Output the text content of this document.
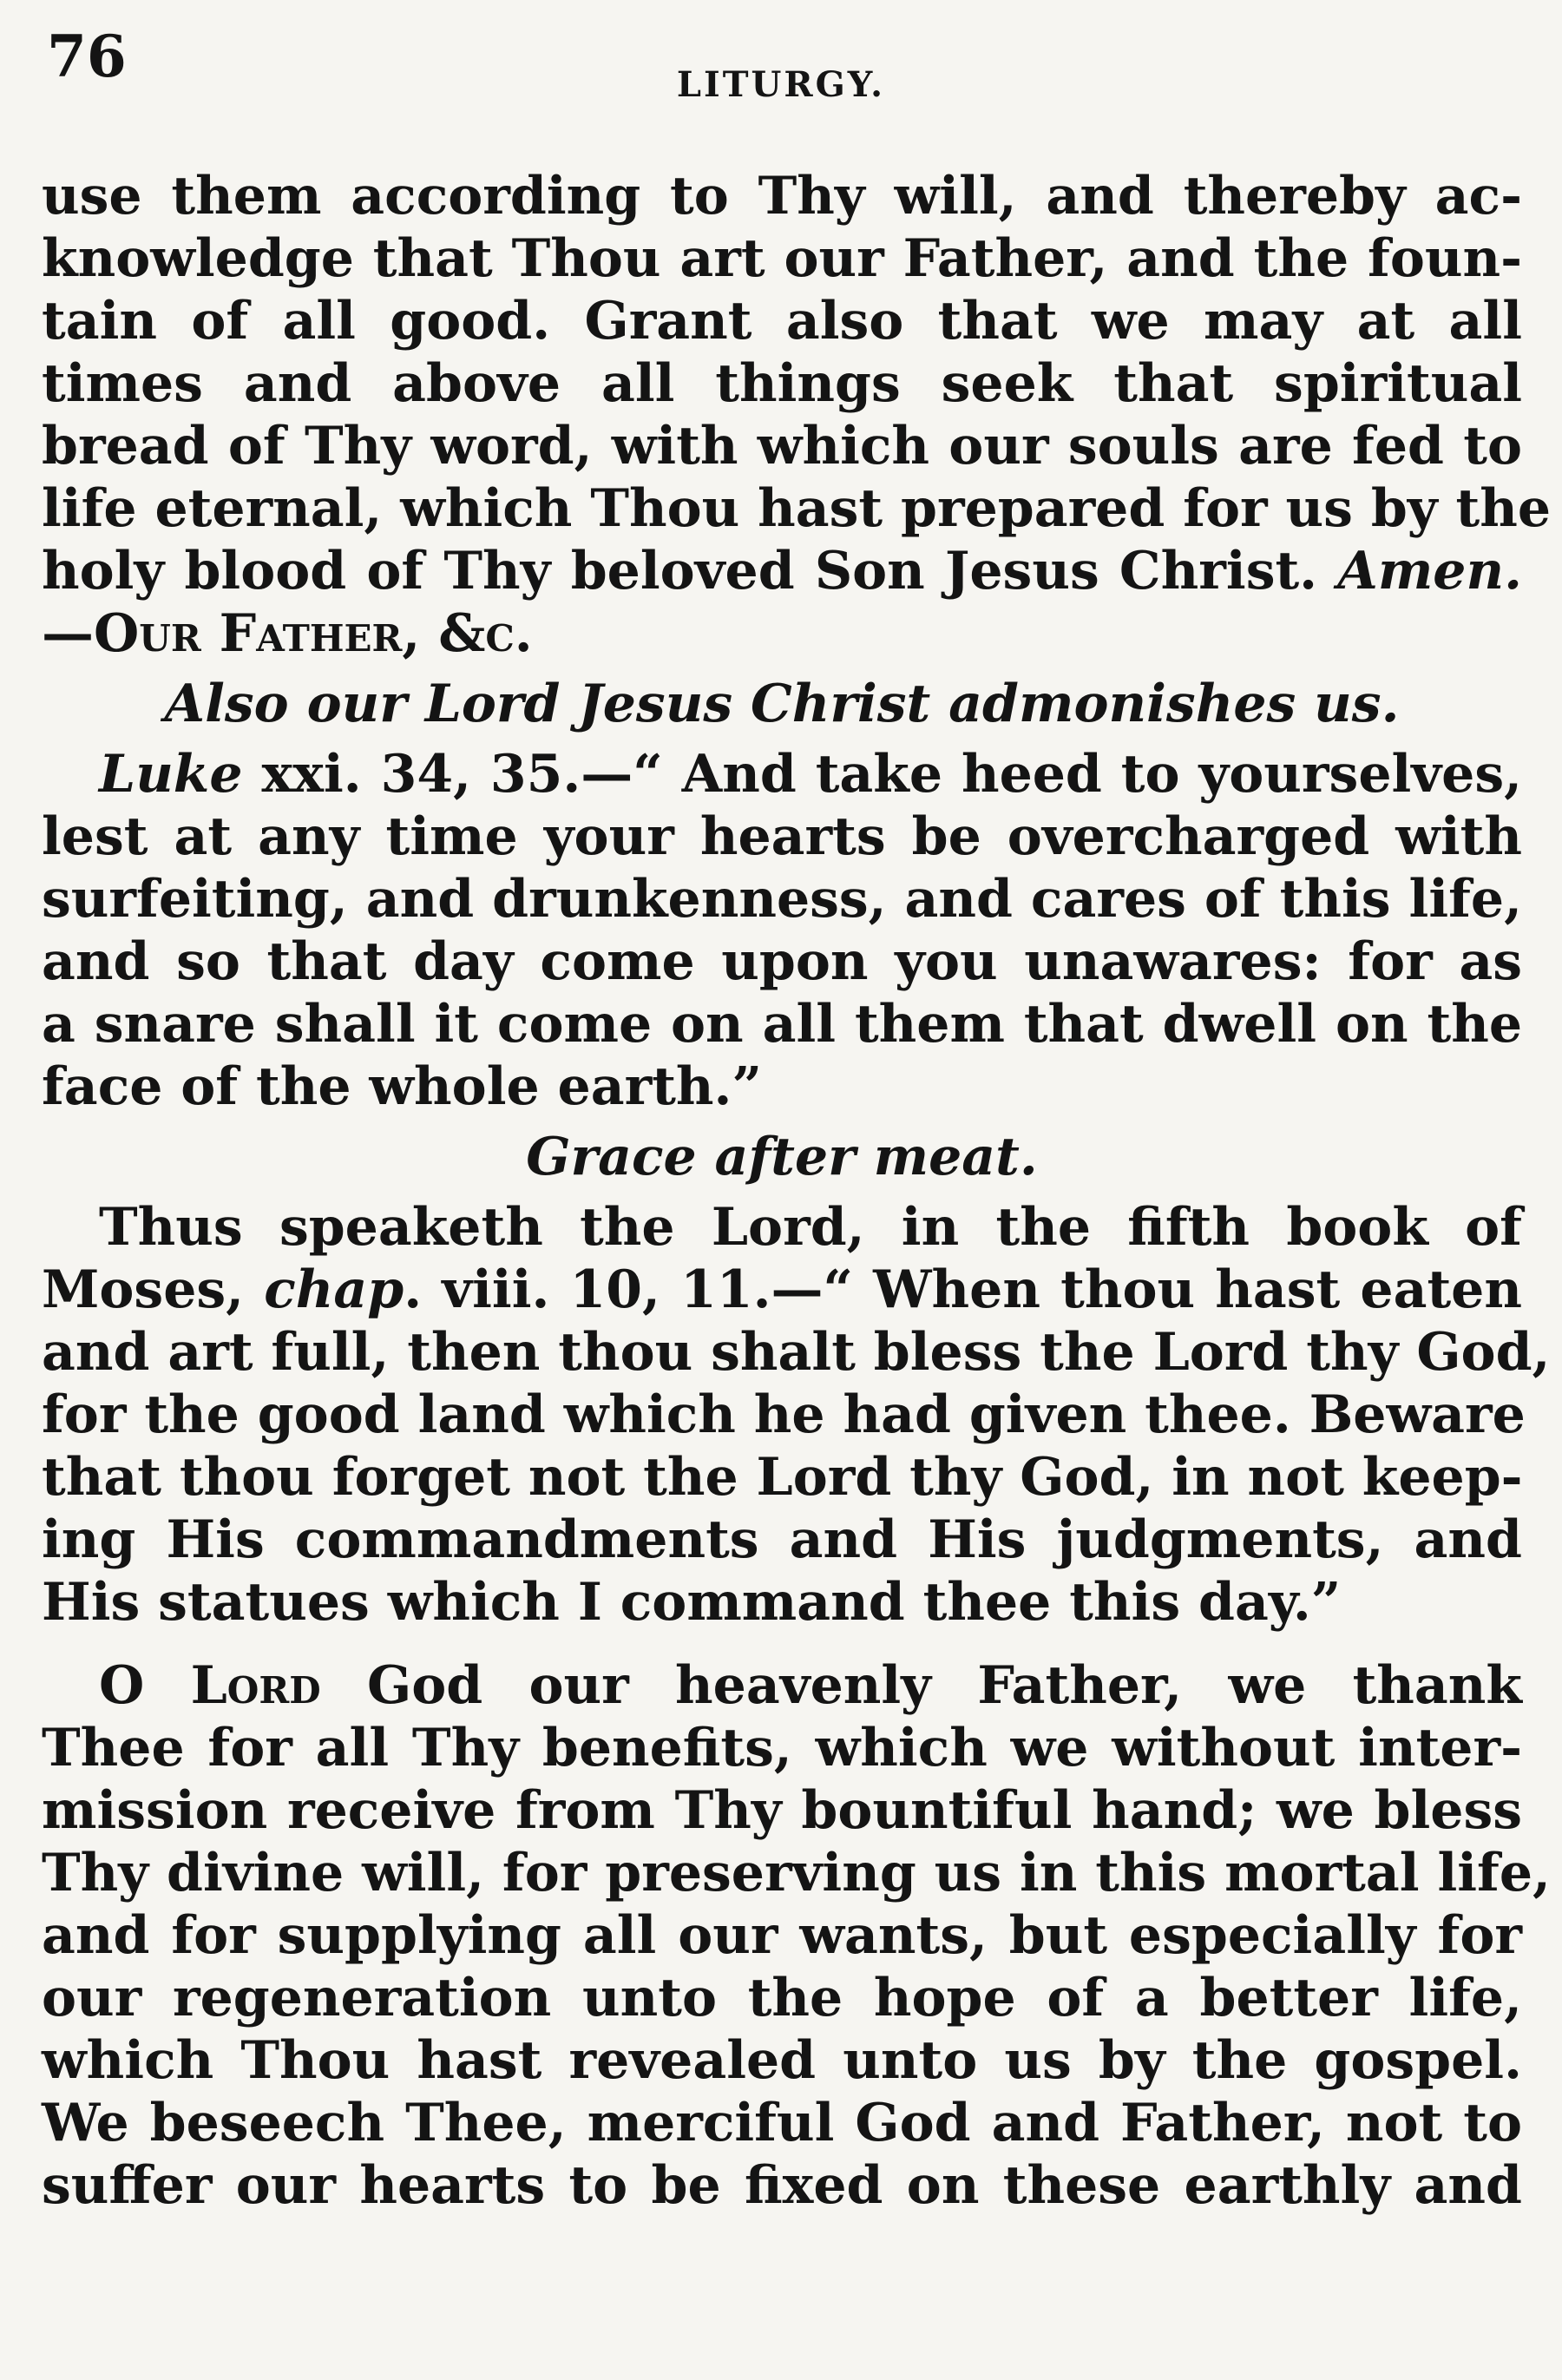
76	LITURGY.
use them according to Thy will, and thereby ac-
knowledge that Thou art our Father, and the foun-
tain of all good. Grant also that we may at all
times and above all things seek that spiritual
bread of Thy word, with which our souls are fed to
life eternal, which Thou hast prepared for us by the
holy blood of Thy beloved Son Jesus Christ. Amen.
—Our Father, &c.
Also our Lord Jesus Christ admonishes us.
Luke xxi. 34, 35.—“ And take heed to yourselves,
lest at any time your hearts be overcharged with
surfeiting, and drunkenness, and cares of this life,
and so that day come upon you unawares: for as
a snare shall it come on all them that dwell on the
face of the whole earth.”
Grace after meat.
Thus speaketh the Lord, in the fifth book of
Moses, chap. viii. 10, 11.—“ When thou hast eaten
and art full, then thou shalt bless the Lord thy God,
for the good land which he had given thee. Beware
that thou forget not the Lord thy God, in not keep-
ing His commandments and His judgments, and
His statues which I command thee this day.”
O Lord God our heavenly Father, we thank
Thee for all Thy benefits, which we without inter-
mission receive from Thy bountiful hand; we bless
Thy divine will, for preserving us in this mortal life,
and for supplying all our wants, but especially for
our regeneration unto the hope of a better life,
which Thou hast revealed unto us by the gospel.
We beseech Thee, merciful God and Father, not to
suffer our hearts to be fixed on these earthly and
